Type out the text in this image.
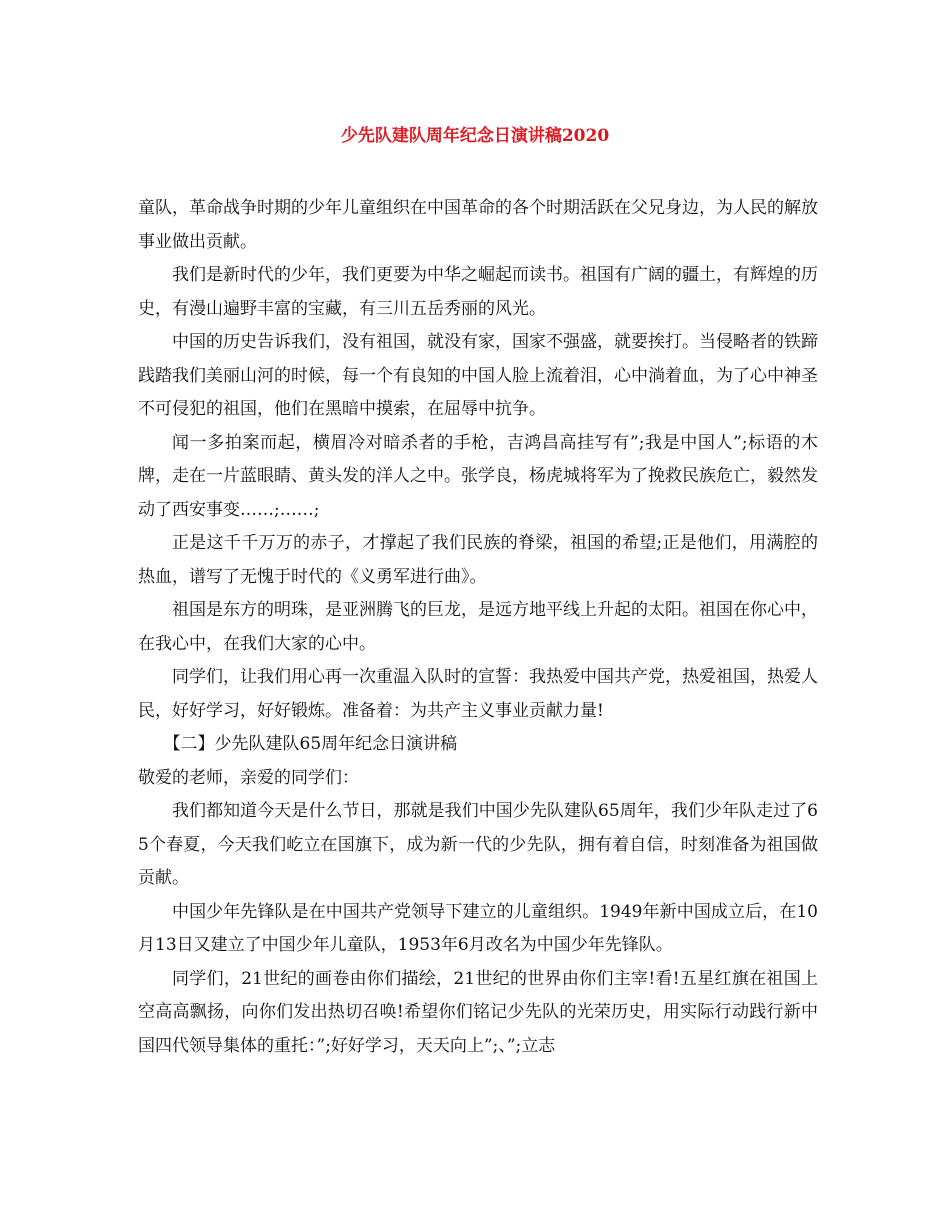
少先队建队周年纪念日演讲稿2020

童队，革命战争时期的少年儿童组织在中国革命的各个时期活跃在父兄身边，为人民的解放事业做出贡献。

我们是新时代的少年，我们更要为中华之崛起而读书。祖国有广阔的疆土，有辉煌的历史，有漫山遍野丰富的宝藏，有三川五岳秀丽的风光。

中国的历史告诉我们，没有祖国，就没有家，国家不强盛，就要挨打。当侵略者的铁蹄践踏我们美丽山河的时候，每一个有良知的中国人脸上流着泪，心中淌着血，为了心中神圣不可侵犯的祖国，他们在黑暗中摸索，在屈辱中抗争。

闻一多拍案而起，横眉冷对暗杀者的手枪，吉鸿昌高挂写有”;我是中国人”;标语的木牌，走在一片蓝眼睛、黄头发的洋人之中。张学良，杨虎城将军为了挽救民族危亡，毅然发动了西安事变……;……;

正是这千千万万的赤子，才撑起了我们民族的脊梁，祖国的希望;正是他们，用满腔的热血，谱写了无愧于时代的《义勇军进行曲》。

祖国是东方的明珠，是亚洲腾飞的巨龙，是远方地平线上升起的太阳。祖国在你心中，在我心中，在我们大家的心中。

同学们，让我们用心再一次重温入队时的宣誓：我热爱中国共产党，热爱祖国，热爱人民，好好学习，好好锻炼。准备着：为共产主义事业贡献力量!

【二】少先队建队65周年纪念日演讲稿

敬爱的老师，亲爱的同学们：

我们都知道今天是什么节日，那就是我们中国少先队建队65周年，我们少年队走过了65个春夏，今天我们屹立在国旗下，成为新一代的少先队，拥有着自信，时刻准备为祖国做贡献。

中国少年先锋队是在中国共产党领导下建立的儿童组织。1949年新中国成立后，在10月13日又建立了中国少年儿童队，1953年6月改名为中国少年先锋队。

同学们，21世纪的画卷由你们描绘，21世纪的世界由你们主宰!看!五星红旗在祖国上空高高飘扬，向你们发出热切召唤!希望你们铭记少先队的光荣历史，用实际行动践行新中国四代领导集体的重托：”;好好学习，天天向上”;、”;立志
